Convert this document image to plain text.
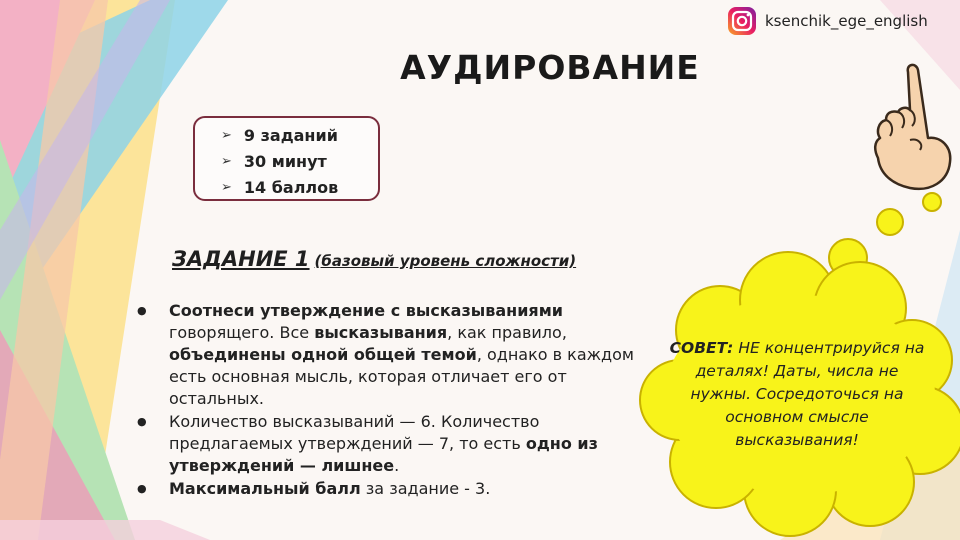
ksenchik_ege_english
АУДИРОВАНИЕ
➢ 9 заданий
➢ 30 минут
➢ 14 баллов
ЗАДАНИЕ 1 (базовый уровень сложности)
●	Соотнеси утверждение с высказываниями говорящего. Все высказывания, как правило, объединены одной общей темой, однако в каждом есть основная мысль, которая отличает его от остальных.
●	Количество высказываний — 6. Количество предлагаемых утверждений — 7, то есть одно из утверждений — лишнее.
●	Максимальный балл за задание - 3.
СОВЕТ: НЕ концентрируйся на деталях! Даты, числа не нужны. Сосредоточься на основном смысле высказывания!
